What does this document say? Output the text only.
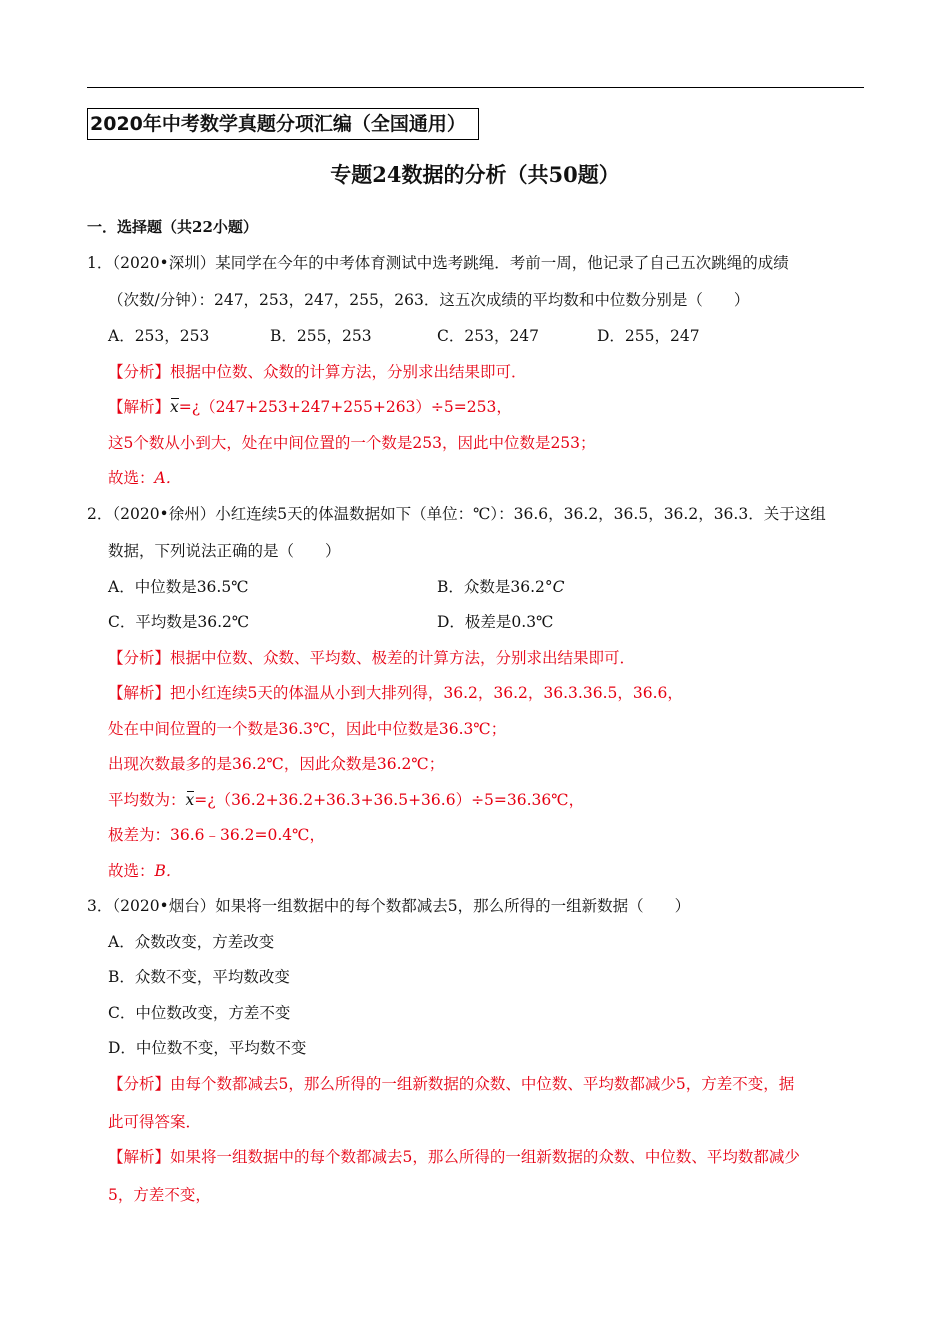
2020年中考数学真题分项汇编（全国通用）
专题24数据的分析（共50题）
一．选择题（共22小题）
1．（2020•深圳）某同学在今年的中考体育测试中选考跳绳．考前一周，他记录了自己五次跳绳的成绩
（次数/分钟）：247，253，247，255，263．这五次成绩的平均数和中位数分别是（　　）
A．253，253	B．255，253	C．253，247	D．255，247
【分析】根据中位数、众数的计算方法，分别求出结果即可．
【解析】x=¿（247+253+247+255+263）÷5=253，
这5个数从小到大，处在中间位置的一个数是253，因此中位数是253；
故选：A．
2．（2020•徐州）小红连续5天的体温数据如下（单位：℃）：36.6，36.2，36.5，36.2，36.3．关于这组
数据，下列说法正确的是（　　）
A．中位数是36.5℃	B．众数是36.2°C
C．平均数是36.2℃	D．极差是0.3℃
【分析】根据中位数、众数、平均数、极差的计算方法，分别求出结果即可．
【解析】把小红连续5天的体温从小到大排列得，36.2，36.2，36.3.36.5，36.6，
处在中间位置的一个数是36.3℃，因此中位数是36.3℃；
出现次数最多的是36.2℃，因此众数是36.2℃；
平均数为：x=¿（36.2+36.2+36.3+36.5+36.6）÷5=36.36℃，
极差为：36.6﹣36.2=0.4℃，
故选：B．
3．（2020•烟台）如果将一组数据中的每个数都减去5，那么所得的一组新数据（　　）
A．众数改变，方差改变
B．众数不变，平均数改变
C．中位数改变，方差不变
D．中位数不变，平均数不变
【分析】由每个数都减去5，那么所得的一组新数据的众数、中位数、平均数都减少5，方差不变，据
此可得答案．
【解析】如果将一组数据中的每个数都减去5，那么所得的一组新数据的众数、中位数、平均数都减少
5，方差不变，
